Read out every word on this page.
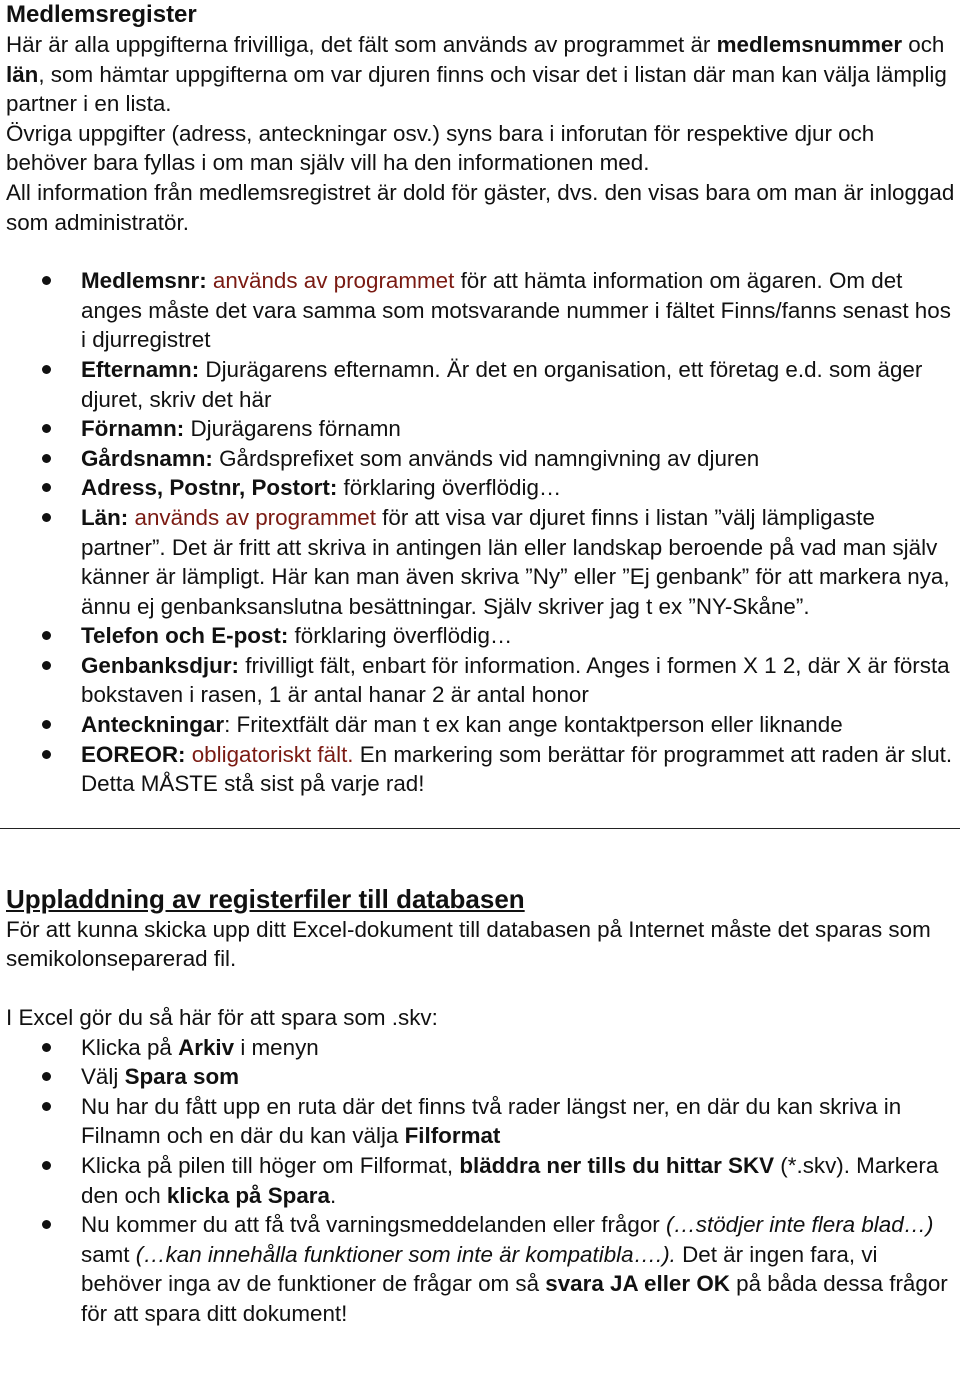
Medlemsregister

Här är alla uppgifterna frivilliga, det fält som används av programmet är medlemsnummer och län, som hämtar uppgifterna om var djuren finns och visar det i listan där man kan välja lämplig partner i en lista.

Övriga uppgifter (adress, anteckningar osv.) syns bara i inforutan för respektive djur och behöver bara fyllas i om man själv vill ha den informationen med.

All information från medlemsregistret är dold för gäster, dvs. den visas bara om man är inloggad som administratör.

Medlemsnr: används av programmet för att hämta information om ägaren. Om det anges måste det vara samma som motsvarande nummer i fältet Finns/fanns senast hos i djurregistret
Efternamn: Djurägarens efternamn. Är det en organisation, ett företag e.d. som äger djuret, skriv det här
Förnamn: Djurägarens förnamn
Gårdsnamn: Gårdsprefixet som används vid namngivning av djuren
Adress, Postnr, Postort: förklaring överflödig…
Län: används av programmet för att visa var djuret finns i listan ”välj lämpligaste partner”. Det är fritt att skriva in antingen län eller landskap beroende på vad man själv känner är lämpligt. Här kan man även skriva ”Ny” eller ”Ej genbank” för att markera nya, ännu ej genbanksanslutna besättningar. Själv skriver jag t ex ”NY-Skåne”.
Telefon och E-post: förklaring överflödig…
Genbanksdjur: frivilligt fält, enbart för information. Anges i formen X 1 2, där X är första bokstaven i rasen, 1 är antal hanar 2 är antal honor
Anteckningar: Fritextfält där man t ex kan ange kontaktperson eller liknande
EOREOR: obligatoriskt fält. En markering som berättar för programmet att raden är slut. Detta MÅSTE stå sist på varje rad!
Uppladdning av registerfiler till databasen

För att kunna skicka upp ditt Excel-dokument till databasen på Internet måste det sparas som semikolonseparerad fil.

I Excel gör du så här för att spara som .skv:

Klicka på Arkiv i menyn
Välj Spara som
Nu har du fått upp en ruta där det finns två rader längst ner, en där du kan skriva in Filnamn och en där du kan välja Filformat
Klicka på pilen till höger om Filformat, bläddra ner tills du hittar SKV (*.skv). Markera den och klicka på Spara.
Nu kommer du att få två varningsmeddelanden eller frågor (…stödjer inte flera blad…) samt (…kan innehålla funktioner som inte är kompatibla….). Det är ingen fara, vi behöver inga av de funktioner de frågar om så svara JA eller OK på båda dessa frågor för att spara ditt dokument!
